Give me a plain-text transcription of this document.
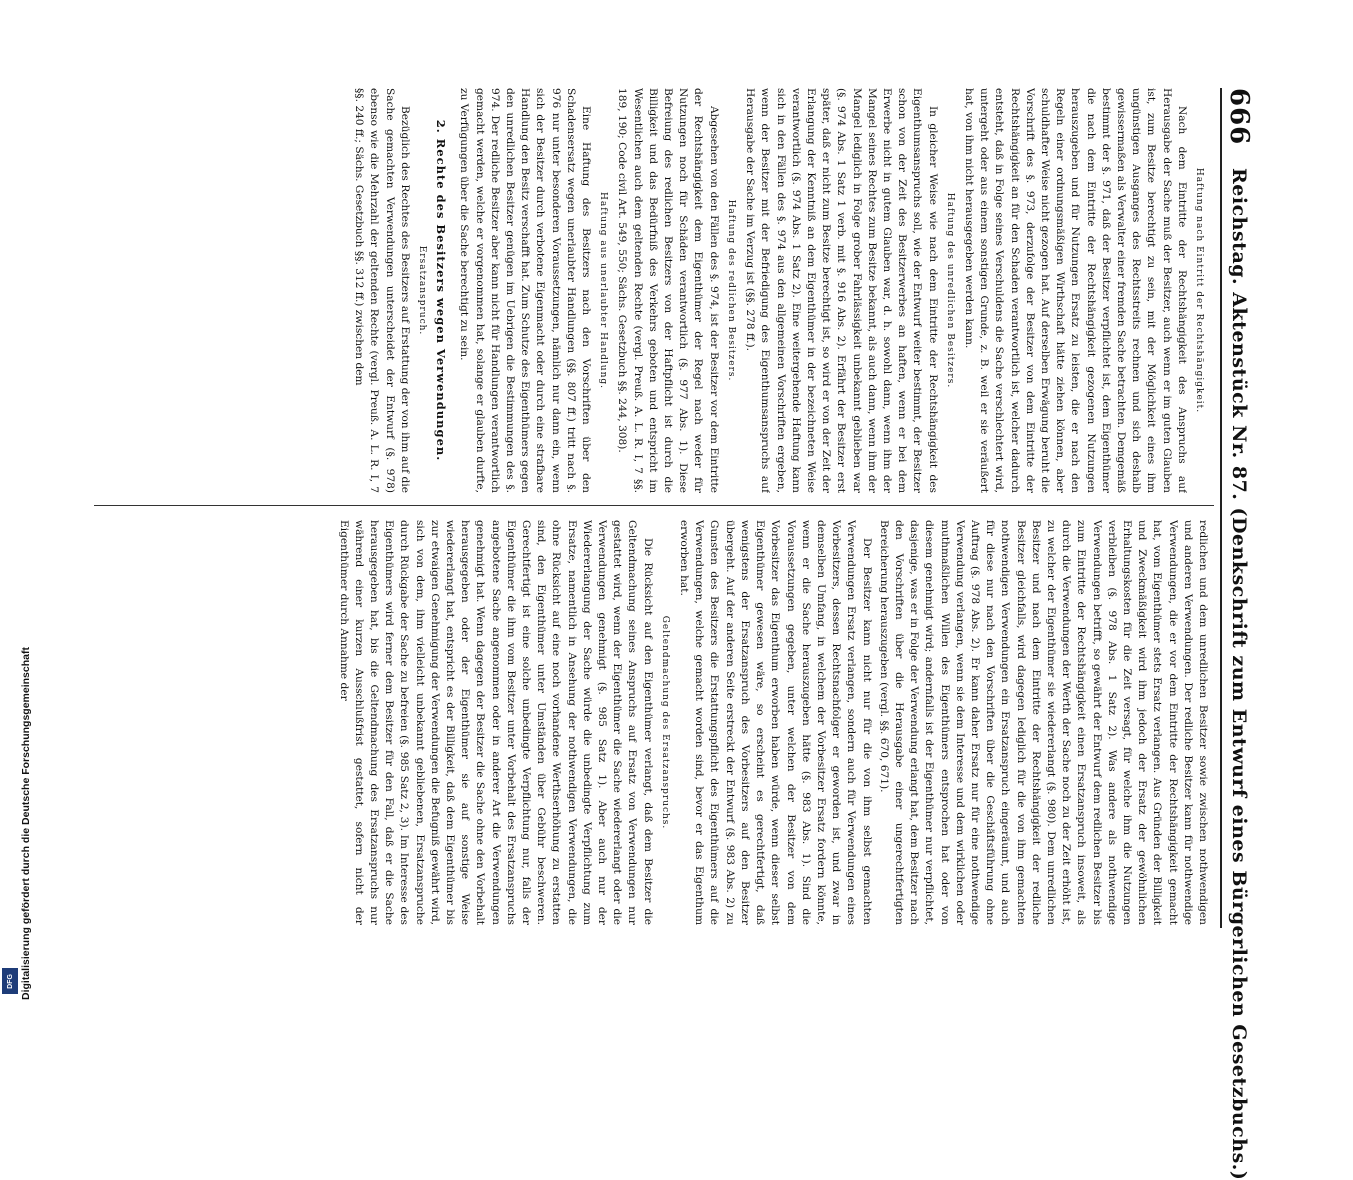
666
Reichstag. Aktenstück Nr. 87. (Denkschrift zum Entwurf eines Bürgerlichen Gesetzbuchs.)
Haftung nach Eintritt der Rechtshängigkeit.

Nach dem Eintritte der Rechtshängigkeit des Anspruchs auf Herausgabe der Sache muß der Besitzer, auch wenn er im guten Glauben ist, zum Besitze berechtigt zu sein, mit der Möglichkeit eines ihm ungünstigen Ausganges des Rechtsstreits rechnen und sich deshalb gewissermaßen als Verwalter einer fremden Sache betrachten. Demgemäß bestimmt der §. 971, daß der Besitzer verpflichtet ist, dem Eigenthümer die nach dem Eintritte der Rechtshängigkeit gezogenen Nutzungen herauszugeben und für Nutzungen Ersatz zu leisten, die er nach den Regeln einer ordnungsmäßigen Wirthschaft hätte ziehen können, aber schuldhafter Weise nicht gezogen hat. Auf derselben Erwägung beruht die Vorschrift des §. 973, derzufolge der Besitzer von dem Eintritte der Rechtshängigkeit an für den Schaden verantwortlich ist, welcher dadurch entsteht, daß in Folge seines Verschuldens die Sache verschlechtert wird, untergeht oder aus einem sonstigen Grunde, z. B. weil er sie veräußert hat, von ihm nicht herausgegeben werden kann.

Haftung des unredlichen Besitzers.

In gleicher Weise wie nach dem Eintritte der Rechtshängigkeit des Eigenthumsanspruchs soll, wie der Entwurf weiter bestimmt, der Besitzer schon von der Zeit des Besitzerwerbes an haften, wenn er bei dem Erwerbe nicht in gutem Glauben war, d. h. sowohl dann, wenn ihm der Mangel seines Rechtes zum Besitze bekannt, als auch dann, wenn ihm der Mangel lediglich in Folge grober Fahrlässigkeit unbekannt geblieben war (§. 974 Abs. 1 Satz 1 verb. mit §. 916 Abs. 2). Erfährt der Besitzer erst später, daß er nicht zum Besitze berechtigt ist, so wird er von der Zeit der Erlangung der Kenntniß an dem Eigenthümer in der bezeichneten Weise verantwortlich (§. 974 Abs. 1 Satz 2). Eine weitergehende Haftung kann sich in den Fällen des §. 974 aus den allgemeinen Vorschriften ergeben, wenn der Besitzer mit der Befriedigung des Eigenthumsanspruchs auf Herausgabe der Sache im Verzug ist (§§. 278 ff.).

Haftung des redlichen Besitzers.

Abgesehen von den Fällen des §. 974, ist der Besitzer vor dem Eintritte der Rechtshängigkeit dem Eigenthümer der Regel nach weder für Nutzungen noch für Schäden verantwortlich (§. 977 Abs. 1). Diese Befreiung des redlichen Besitzers von der Haftpflicht ist durch die Billigkeit und das Bedürfniß des Verkehrs geboten und entspricht im Wesentlichen auch dem geltenden Rechte (vergl. Preuß. A. L. R. I, 7 §§. 189, 190; Code civil Art. 549, 550; Sächs. Gesetzbuch §§. 244, 308).

Haftung aus unerlaubter Handlung.

Eine Haftung des Besitzers nach den Vorschriften über den Schadensersatz wegen unerlaubter Handlungen (§§. 807 ff.) tritt nach §. 976 nur unter besonderen Voraussetzungen, nämlich nur dann ein, wenn sich der Besitzer durch verbotene Eigenmacht oder durch eine strafbare Handlung den Besitz verschafft hat. Zum Schutze des Eigenthümers gegen den unredlichen Besitzer genügen im Uebrigen die Bestimmungen des §. 974. Der redliche Besitzer aber kann nicht für Handlungen verantwortlich gemacht werden, welche er vorgenommen hat, solange er glauben durfte, zu Verfügungen über die Sache berechtigt zu sein.

2. Rechte des Besitzers wegen Verwendungen.
Ersatzanspruch.

Bezüglich des Rechtes des Besitzers auf Erstattung der von ihm auf die Sache gemachten Verwendungen unterscheidet der Entwurf (§. 978) ebenso wie die Mehrzahl der geltenden Rechte (vergl. Preuß. A. L. R. I, 7 §§. 240 ff.; Sächs. Gesetzbuch §§. 312 ff.) zwischen dem

redlichen und dem unredlichen Besitzer sowie zwischen nothwendigen und anderen Verwendungen. Der redliche Besitzer kann für nothwendige Verwendungen, die er vor dem Eintritte der Rechtshängigkeit gemacht hat, vom Eigenthümer stets Ersatz verlangen. Aus Gründen der Billigkeit und Zweckmäßigkeit wird ihm jedoch der Ersatz der gewöhnlichen Erhaltungskosten für die Zeit versagt, für welche ihm die Nutzungen verbleiben (§. 978 Abs. 1 Satz 2). Was andere als nothwendige Verwendungen betrifft, so gewährt der Entwurf dem redlichen Besitzer bis zum Eintritte der Rechtshängigkeit einen Ersatzanspruch insoweit, als durch die Verwendungen der Werth der Sache noch zu der Zeit erhöht ist, zu welcher der Eigenthümer sie wiedererlangt (§. 980). Dem unredlichen Besitzer und nach dem Eintritte der Rechtshängigkeit der redliche Besitzer gleichfalls, wird dagegen lediglich für die von ihm gemachten nothwendigen Verwendungen ein Ersatzanspruch eingeräumt, und auch für diese nur nach den Vorschriften über die Geschäftsführung ohne Auftrag (§. 978 Abs. 2). Er kann daher Ersatz nur für eine nothwendige Verwendung verlangen, wenn sie dem Interesse und dem wirklichen oder muthmaßlichen Willen des Eigenthümers entsprochen hat oder von diesem genehmigt wird; andernfalls ist der Eigenthümer nur verpflichtet, dasjenige, was er in Folge der Verwendung erlangt hat, dem Besitzer nach den Vorschriften über die Herausgabe einer ungerechtfertigten Bereicherung herauszugeben (vergl. §§. 670, 671).

Der Besitzer kann nicht nur für die von ihm selbst gemachten Verwendungen Ersatz verlangen, sondern auch für Verwendungen eines Vorbesitzers, dessen Rechtsnachfolger er geworden ist, und zwar in demselben Umfang, in welchem der Vorbesitzer Ersatz fordern könnte, wenn er die Sache herauszugeben hätte (§. 983 Abs. 1). Sind die Voraussetzungen gegeben, unter welchen der Besitzer von dem Vorbesitzer das Eigenthum erworben haben würde, wenn dieser selbst Eigenthümer gewesen wäre, so erscheint es gerechtfertigt, daß wenigstens der Ersatzanspruch des Vorbesitzers auf den Besitzer übergeht. Auf der anderen Seite erstreckt der Entwurf (§. 983 Abs. 2) zu Gunsten des Besitzers die Erstattungspflicht des Eigenthümers auf die Verwendungen, welche gemacht worden sind, bevor er das Eigenthum erworben hat.

Geltendmachung des Ersatzanspruchs.

Die Rücksicht auf den Eigenthümer verlangt, daß dem Besitzer die Geltendmachung seines Anspruchs auf Ersatz von Verwendungen nur gestattet wird, wenn der Eigenthümer die Sache wiedererlangt oder die Verwendungen genehmigt (§. 985 Satz 1). Aber auch nur der Wiedererlangung der Sache würde die unbedingte Verpflichtung zum Ersatze, namentlich in Ansehung der nothwendigen Verwendungen, die ohne Rücksicht auf eine noch vorhandene Werthserhöhung zu erstatten sind, den Eigenthümer unter Umständen über Gebühr beschweren. Gerechtfertigt ist eine solche unbedingte Verpflichtung nur, falls der Eigenthümer die ihm vom Besitzer unter Vorbehalt des Ersatzanspruchs angebotene Sache angenommen oder in anderer Art die Verwendungen genehmigt hat. Wenn dagegen der Besitzer die Sache ohne den Vorbehalt herausgegeben oder der Eigenthümer sie auf sonstige Weise wiedererlangt hat, entspricht es der Billigkeit, daß dem Eigenthümer bis zur etwaigen Genehmigung der Verwendungen die Befugniß gewährt wird, sich von dem, ihm vielleicht unbekannt gebliebenen, Ersatzanspruche durch Rückgabe der Sache zu befreien (§. 985 Satz 2, 3). Im Interesse des Eigenthümers wird ferner dem Besitzer für den Fall, daß er die Sache herausgegeben hat, bis die Geltendmachung des Ersatzanspruchs nur während einer kurzen Ausschlußfrist gestattet, sofern nicht der Eigenthümer durch Annahme der

Digitalisierung gefördert durch die Deutsche Forschungsgemeinschaft
DFG
